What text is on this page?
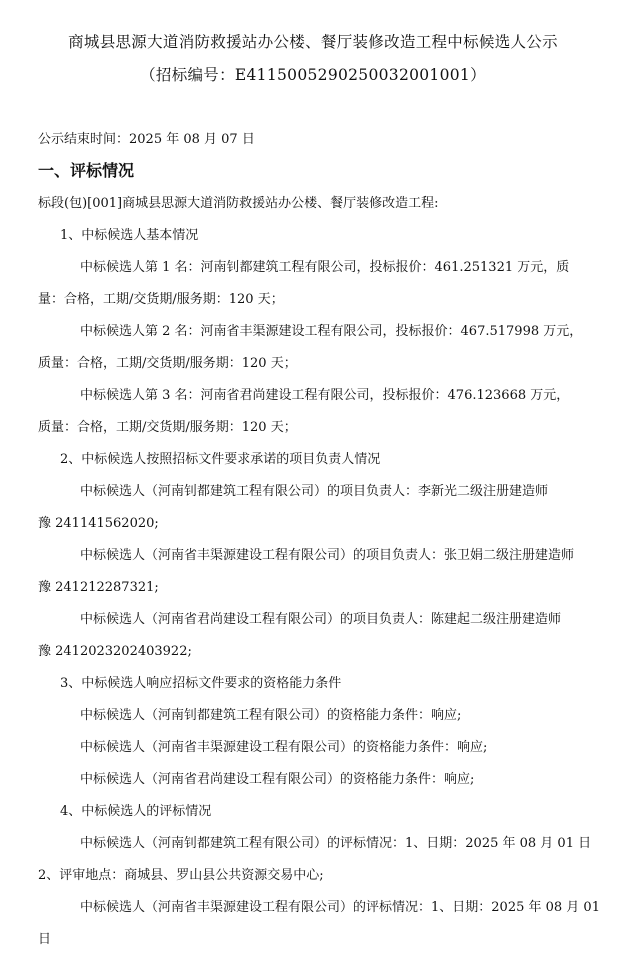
商城县思源大道消防救援站办公楼、餐厅装修改造工程中标候选人公示
（招标编号：E4115005290250032001001）
公示结束时间：2025 年 08 月 07 日
一、评标情况
标段(包)[001]商城县思源大道消防救援站办公楼、餐厅装修改造工程:
1、中标候选人基本情况
中标候选人第 1 名：河南钊都建筑工程有限公司，投标报价：461.251321 万元，质
量：合格，工期/交货期/服务期：120 天；
中标候选人第 2 名：河南省丰渠源建设工程有限公司，投标报价：467.517998 万元，
质量：合格，工期/交货期/服务期：120 天；
中标候选人第 3 名：河南省君尚建设工程有限公司，投标报价：476.123668 万元，
质量：合格，工期/交货期/服务期：120 天；
2、中标候选人按照招标文件要求承诺的项目负责人情况
中标候选人（河南钊都建筑工程有限公司）的项目负责人：李新光二级注册建造师
豫 241141562020;
中标候选人（河南省丰渠源建设工程有限公司）的项目负责人：张卫娟二级注册建造师
豫 241212287321;
中标候选人（河南省君尚建设工程有限公司）的项目负责人：陈建起二级注册建造师
豫 2412023202403922;
3、中标候选人响应招标文件要求的资格能力条件
中标候选人（河南钊都建筑工程有限公司）的资格能力条件：响应;
中标候选人（河南省丰渠源建设工程有限公司）的资格能力条件：响应;
中标候选人（河南省君尚建设工程有限公司）的资格能力条件：响应;
4、中标候选人的评标情况
中标候选人（河南钊都建筑工程有限公司）的评标情况：1、日期：2025 年 08 月 01 日
2、评审地点：商城县、罗山县公共资源交易中心;
中标候选人（河南省丰渠源建设工程有限公司）的评标情况：1、日期：2025 年 08 月 01
日
